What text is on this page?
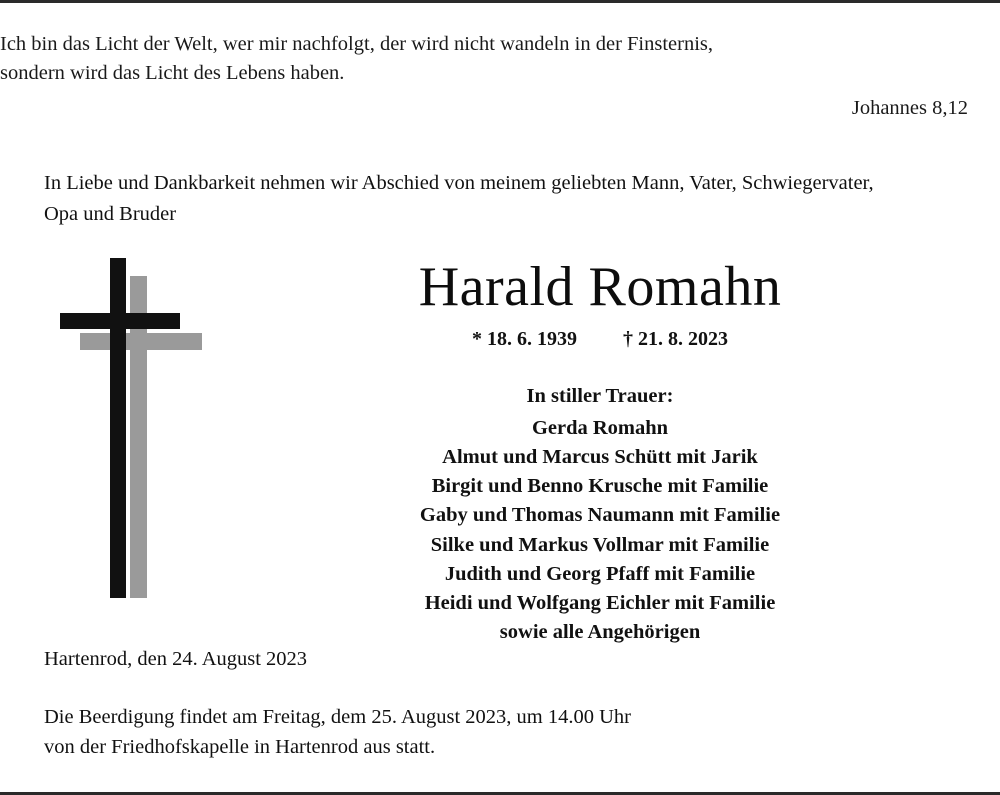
Ich bin das Licht der Welt, wer mir nachfolgt, der wird nicht wandeln in der Finsternis, sondern wird das Licht des Lebens haben.
Johannes 8,12
In Liebe und Dankbarkeit nehmen wir Abschied von meinem geliebten Mann, Vater, Schwiegervater, Opa und Bruder
Harald Romahn
* 18. 6. 1939 † 21. 8. 2023
In stiller Trauer:
Gerda Romahn
Almut und Marcus Schütt mit Jarik
Birgit und Benno Krusche mit Familie
Gaby und Thomas Naumann mit Familie
Silke und Markus Vollmar mit Familie
Judith und Georg Pfaff mit Familie
Heidi und Wolfgang Eichler mit Familie
sowie alle Angehörigen
Hartenrod, den 24. August 2023
Die Beerdigung findet am Freitag, dem 25. August 2023, um 14.00 Uhr
von der Friedhofskapelle in Hartenrod aus statt.
